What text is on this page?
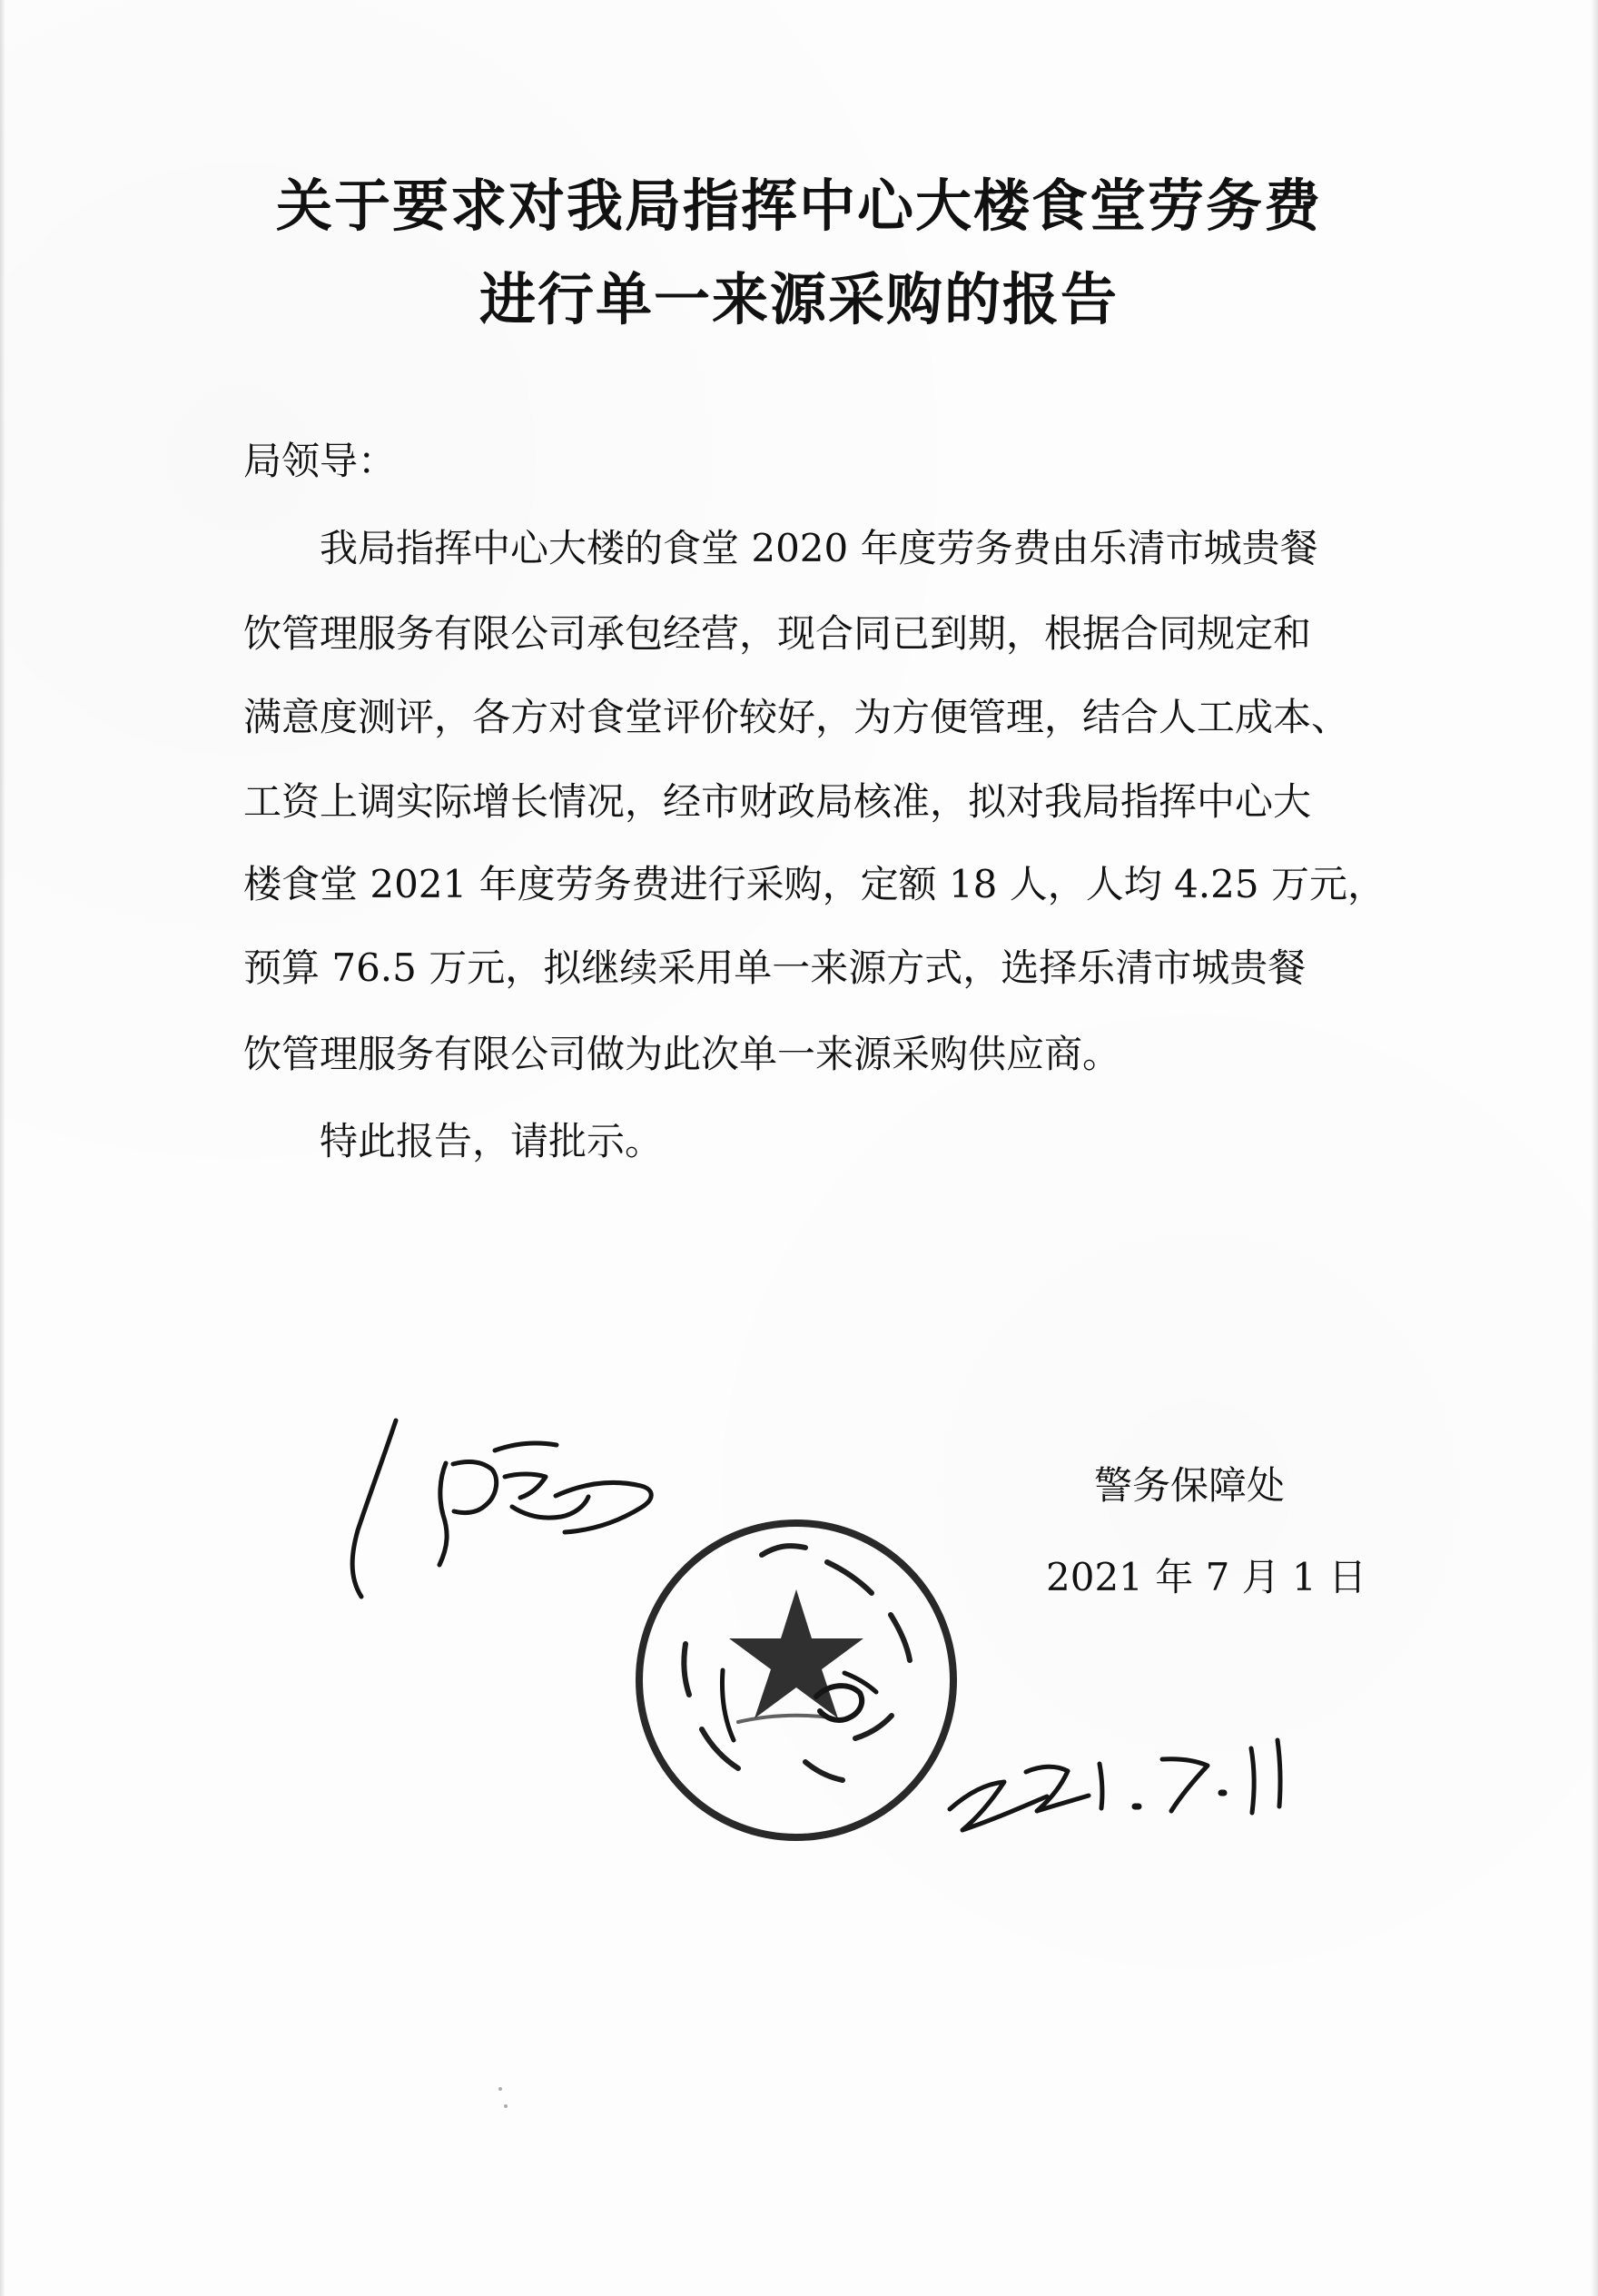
关于要求对我局指挥中心大楼食堂劳务费
进行单一来源采购的报告
局领导：
我局指挥中心大楼的食堂 2020 年度劳务费由乐清市城贵餐
饮管理服务有限公司承包经营，现合同已到期，根据合同规定和
满意度测评，各方对食堂评价较好，为方便管理，结合人工成本、
工资上调实际增长情况，经市财政局核准，拟对我局指挥中心大
楼食堂 2021 年度劳务费进行采购，定额 18 人，人均 4.25 万元，
预算 76.5 万元，拟继续采用单一来源方式，选择乐清市城贵餐
饮管理服务有限公司做为此次单一来源采购供应商。
特此报告，请批示。
警务保障处
2021 年 7 月 1 日
